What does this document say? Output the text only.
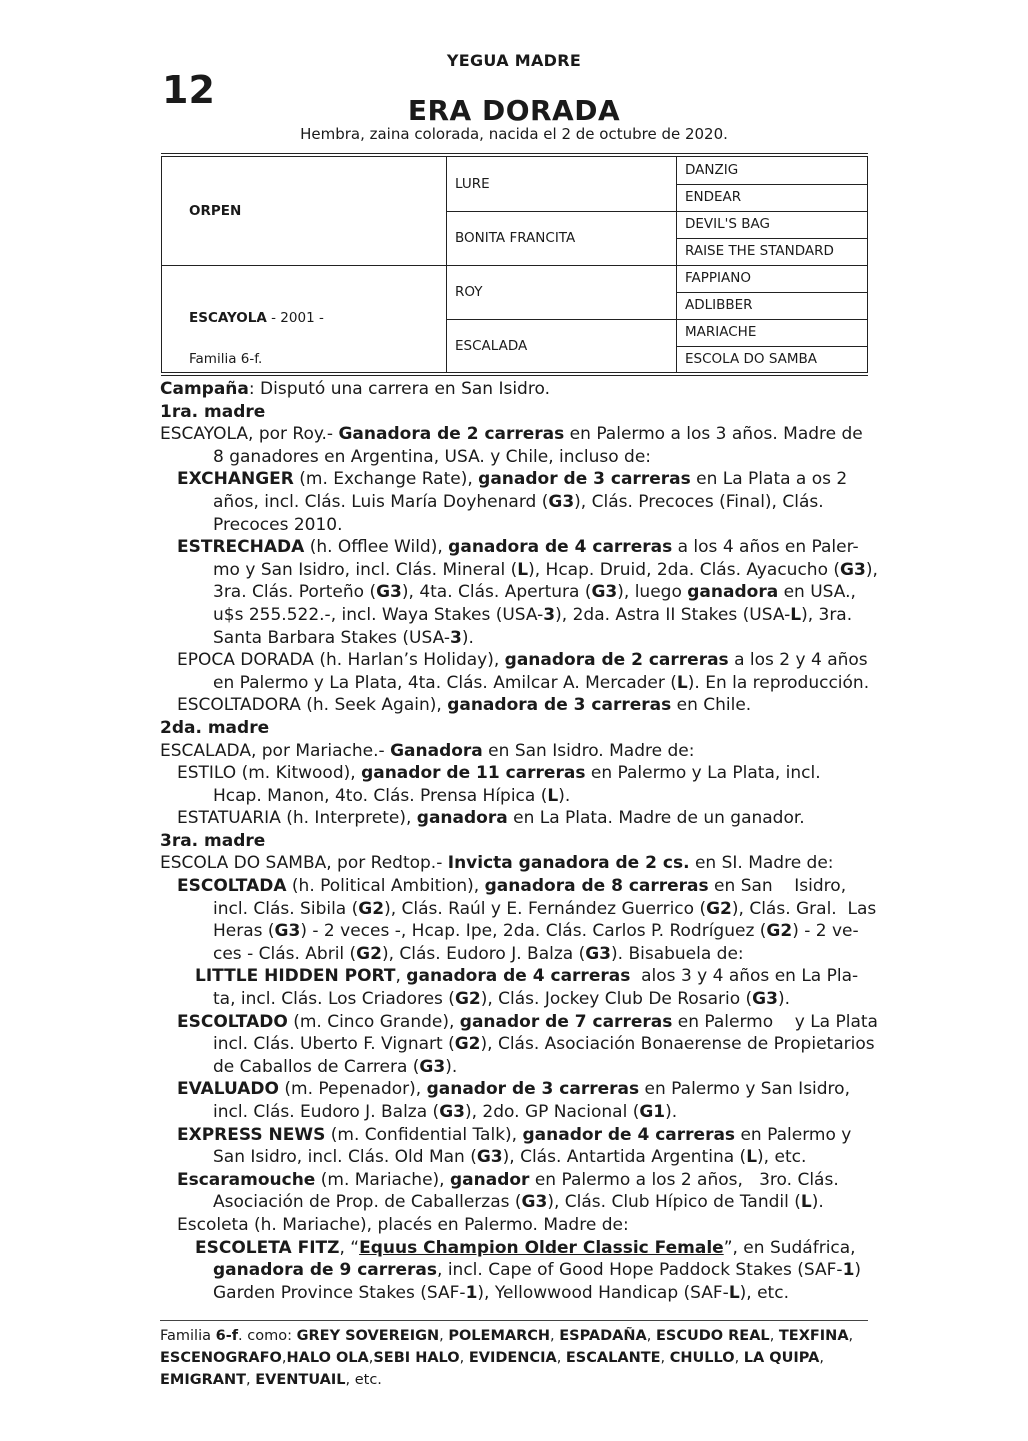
12
YEGUA MADRE
ERA DORADA
Hembra, zaina colorada, nacida el 2 de octubre de 2020.
ORPEN
ESCAYOLA - 2001 -
Familia 6-f.
LURE
BONITA FRANCITA
ROY
ESCALADA
DANZIG
ENDEAR
DEVIL'S BAG
RAISE THE STANDARD
FAPPIANO
ADLIBBER
MARIACHE
ESCOLA DO SAMBA
Campaña: Disputó una carrera en San Isidro.
1ra. madre
ESCAYOLA, por Roy.- Ganadora de 2 carreras en Palermo a los 3 años. Madre de
8 ganadores en Argentina, USA. y Chile, incluso de:
EXCHANGER (m. Exchange Rate), ganador de 3 carreras en La Plata a os 2
años, incl. Clás. Luis María Doyhenard (G3), Clás. Precoces (Final), Clás.
Precoces 2010.
ESTRECHADA (h. Offlee Wild), ganadora de 4 carreras a los 4 años en Paler-
mo y San Isidro, incl. Clás. Mineral (L), Hcap. Druid, 2da. Clás. Ayacucho (G3),
3ra. Clás. Porteño (G3), 4ta. Clás. Apertura (G3), luego ganadora en USA.,
u$s 255.522.-, incl. Waya Stakes (USA-3), 2da. Astra II Stakes (USA-L), 3ra.
Santa Barbara Stakes (USA-3).
EPOCA DORADA (h. Harlan’s Holiday), ganadora de 2 carreras a los 2 y 4 años
en Palermo y La Plata, 4ta. Clás. Amilcar A. Mercader (L). En la reproducción.
ESCOLTADORA (h. Seek Again), ganadora de 3 carreras en Chile.
2da. madre
ESCALADA, por Mariache.- Ganadora en San Isidro. Madre de:
ESTILO (m. Kitwood), ganador de 11 carreras en Palermo y La Plata, incl.
Hcap. Manon, 4to. Clás. Prensa Hípica (L).
ESTATUARIA (h. Interprete), ganadora en La Plata. Madre de un ganador.
3ra. madre
ESCOLA DO SAMBA, por Redtop.- Invicta ganadora de 2 cs. en SI. Madre de:
ESCOLTADA (h. Political Ambition), ganadora de 8 carreras en San    Isidro,
incl. Clás. Sibila (G2), Clás. Raúl y E. Fernández Guerrico (G2), Clás. Gral.  Las
Heras (G3) - 2 veces -, Hcap. Ipe, 2da. Clás. Carlos P. Rodríguez (G2) - 2 ve-
ces - Clás. Abril (G2), Clás. Eudoro J. Balza (G3). Bisabuela de:
LITTLE HIDDEN PORT, ganadora de 4 carreras  alos 3 y 4 años en La Pla-
ta, incl. Clás. Los Criadores (G2), Clás. Jockey Club De Rosario (G3).
ESCOLTADO (m. Cinco Grande), ganador de 7 carreras en Palermo    y La Plata
incl. Clás. Uberto F. Vignart (G2), Clás. Asociación Bonaerense de Propietarios
de Caballos de Carrera (G3).
EVALUADO (m. Pepenador), ganador de 3 carreras en Palermo y San Isidro,
incl. Clás. Eudoro J. Balza (G3), 2do. GP Nacional (G1).
EXPRESS NEWS (m. Confidential Talk), ganador de 4 carreras en Palermo y
San Isidro, incl. Clás. Old Man (G3), Clás. Antartida Argentina (L), etc.
Escaramouche (m. Mariache), ganador en Palermo a los 2 años,   3ro. Clás.
Asociación de Prop. de Caballerzas (G3), Clás. Club Hípico de Tandil (L).
Escoleta (h. Mariache), placés en Palermo. Madre de:
ESCOLETA FITZ, “Equus Champion Older Classic Female”, en Sudáfrica,
ganadora de 9 carreras, incl. Cape of Good Hope Paddock Stakes (SAF-1)
Garden Province Stakes (SAF-1), Yellowwood Handicap (SAF-L), etc.
Familia 6-f. como: GREY SOVEREIGN, POLEMARCH, ESPADAÑA, ESCUDO REAL, TEXFINA,
ESCENOGRAFO,HALO OLA,SEBI HALO, EVIDENCIA, ESCALANTE, CHULLO, LA QUIPA,
EMIGRANT, EVENTUAIL, etc.
